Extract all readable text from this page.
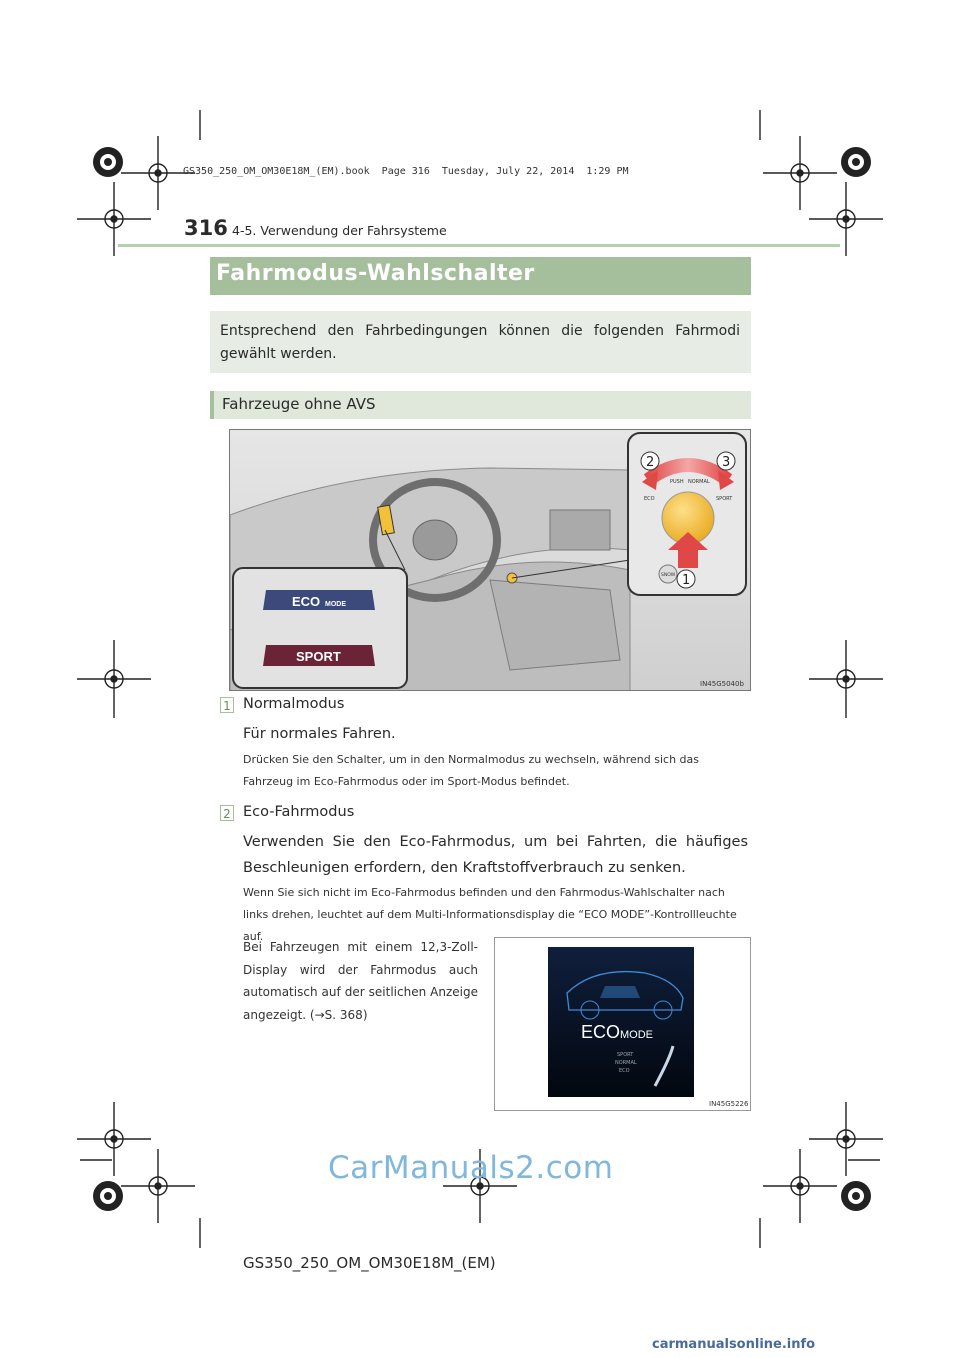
GS350_250_OM_OM30E18M_(EM).book  Page 316  Tuesday, July 22, 2014  1:29 PM
316 4-5. Verwendung der Fahrsysteme
Fahrmodus-Wahlschalter
Entsprechend den Fahrbedingungen können die folgenden Fahrmodi gewählt werden.
Fahrzeuge ohne AVS
PUSH NORMAL
ECO	SPORT
SNOW
2	3
1
ECO MODE
SPORT
IN45G5040b
1 Normalmodus
Für normales Fahren.
Drücken Sie den Schalter, um in den Normalmodus zu wechseln, während sich das Fahrzeug im Eco-Fahrmodus oder im Sport-Modus befindet.
2 Eco-Fahrmodus
Verwenden Sie den Eco-Fahrmodus, um bei Fahrten, die häufiges Beschleunigen erfordern, den Kraftstoffverbrauch zu senken.
Wenn Sie sich nicht im Eco-Fahrmodus befinden und den Fahrmodus-Wahlschalter nach links drehen, leuchtet auf dem Multi-Informationsdisplay die “ECO MODE”-Kontrollleuchte auf.
Bei Fahrzeugen mit einem 12,3-Zoll-Display wird der Fahrmodus auch automatisch auf der seitlichen Anzeige angezeigt. (→S. 368)
ECO MODE
SPORT
NORMAL
ECO
IN45G5226
CarManuals2.com
GS350_250_OM_OM30E18M_(EM)
carmanualsonline.info
